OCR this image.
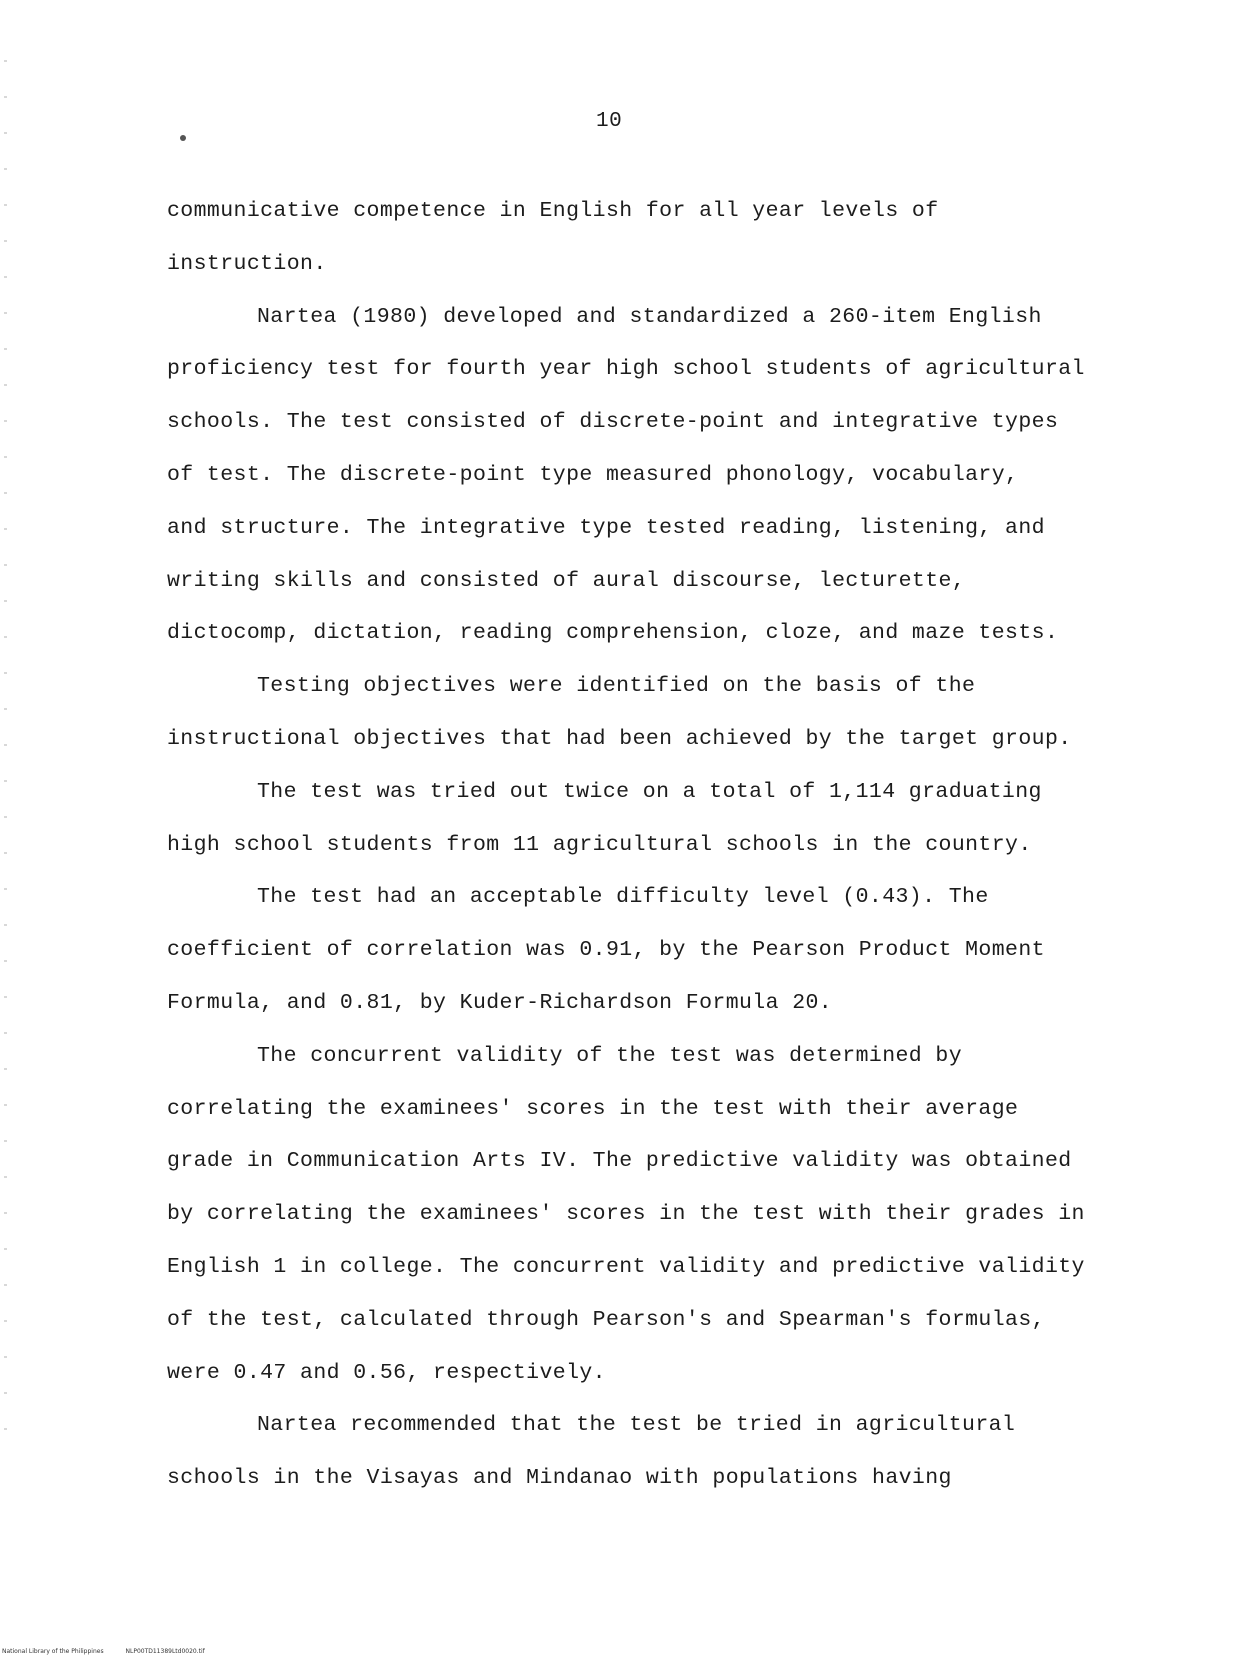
10
communicative competence in English for all year levels of
instruction.
Nartea (1980) developed and standardized a 260-item English
proficiency test for fourth year high school students of agricultural
schools. The test consisted of discrete-point and integrative types
of test. The discrete-point type measured phonology, vocabulary,
and structure. The integrative type tested reading, listening, and
writing skills and consisted of aural discourse, lecturette,
dictocomp, dictation, reading comprehension, cloze, and maze tests.
Testing objectives were identified on the basis of the
instructional objectives that had been achieved by the target group.
The test was tried out twice on a total of 1,114 graduating
high school students from 11 agricultural schools in the country.
The test had an acceptable difficulty level (0.43). The
coefficient of correlation was 0.91, by the Pearson Product Moment
Formula, and 0.81, by Kuder-Richardson Formula 20.
The concurrent validity of the test was determined by
correlating the examinees' scores in the test with their average
grade in Communication Arts IV. The predictive validity was obtained
by correlating the examinees' scores in the test with their grades in
English 1 in college. The concurrent validity and predictive validity
of the test, calculated through Pearson's and Spearman's formulas,
were 0.47 and 0.56, respectively.
Nartea recommended that the test be tried in agricultural
schools in the Visayas and Mindanao with populations having
National Library of the Philippines	NLP00TD11389Ltd0020.tif
